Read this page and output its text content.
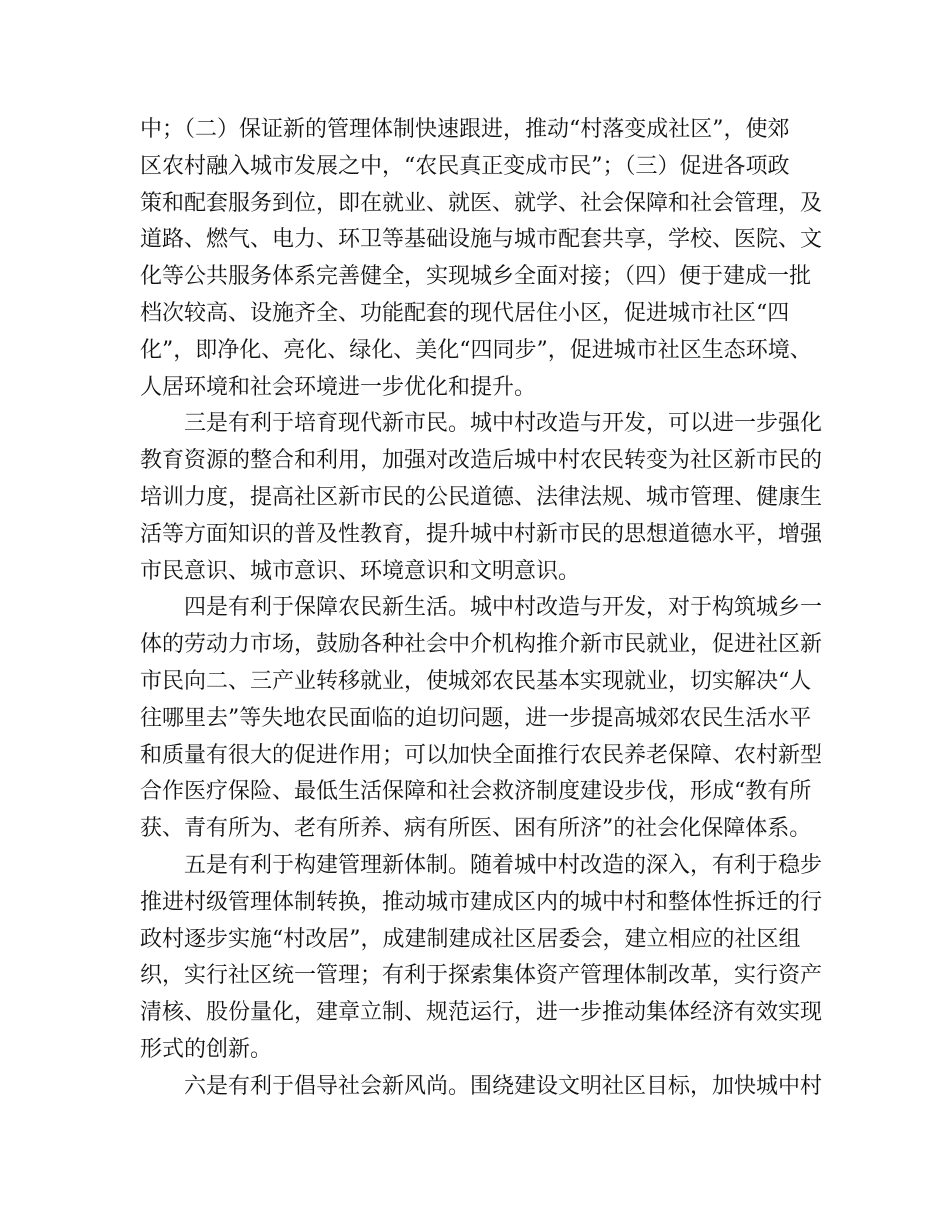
中；（二）保证新的管理体制快速跟进，推动“村落变成社区”，使郊
区农村融入城市发展之中，“农民真正变成市民”；（三）促进各项政
策和配套服务到位，即在就业、就医、就学、社会保障和社会管理，及
道路、燃气、电力、环卫等基础设施与城市配套共享，学校、医院、文
化等公共服务体系完善健全，实现城乡全面对接；（四）便于建成一批
档次较高、设施齐全、功能配套的现代居住小区，促进城市社区“四
化”，即净化、亮化、绿化、美化“四同步”，促进城市社区生态环境、
人居环境和社会环境进一步优化和提升。

三是有利于培育现代新市民。城中村改造与开发，可以进一步强化
教育资源的整合和利用，加强对改造后城中村农民转变为社区新市民的
培训力度，提高社区新市民的公民道德、法律法规、城市管理、健康生
活等方面知识的普及性教育，提升城中村新市民的思想道德水平，增强
市民意识、城市意识、环境意识和文明意识。

四是有利于保障农民新生活。城中村改造与开发，对于构筑城乡一
体的劳动力市场，鼓励各种社会中介机构推介新市民就业，促进社区新
市民向二、三产业转移就业，使城郊农民基本实现就业，切实解决“人
往哪里去”等失地农民面临的迫切问题，进一步提高城郊农民生活水平
和质量有很大的促进作用；可以加快全面推行农民养老保障、农村新型
合作医疗保险、最低生活保障和社会救济制度建设步伐，形成“教有所
获、青有所为、老有所养、病有所医、困有所济”的社会化保障体系。

五是有利于构建管理新体制。随着城中村改造的深入，有利于稳步
推进村级管理体制转换，推动城市建成区内的城中村和整体性拆迁的行
政村逐步实施“村改居”，成建制建成社区居委会，建立相应的社区组
织，实行社区统一管理；有利于探索集体资产管理体制改革，实行资产
清核、股份量化，建章立制、规范运行，进一步推动集体经济有效实现
形式的创新。

六是有利于倡导社会新风尚。围绕建设文明社区目标，加快城中村
